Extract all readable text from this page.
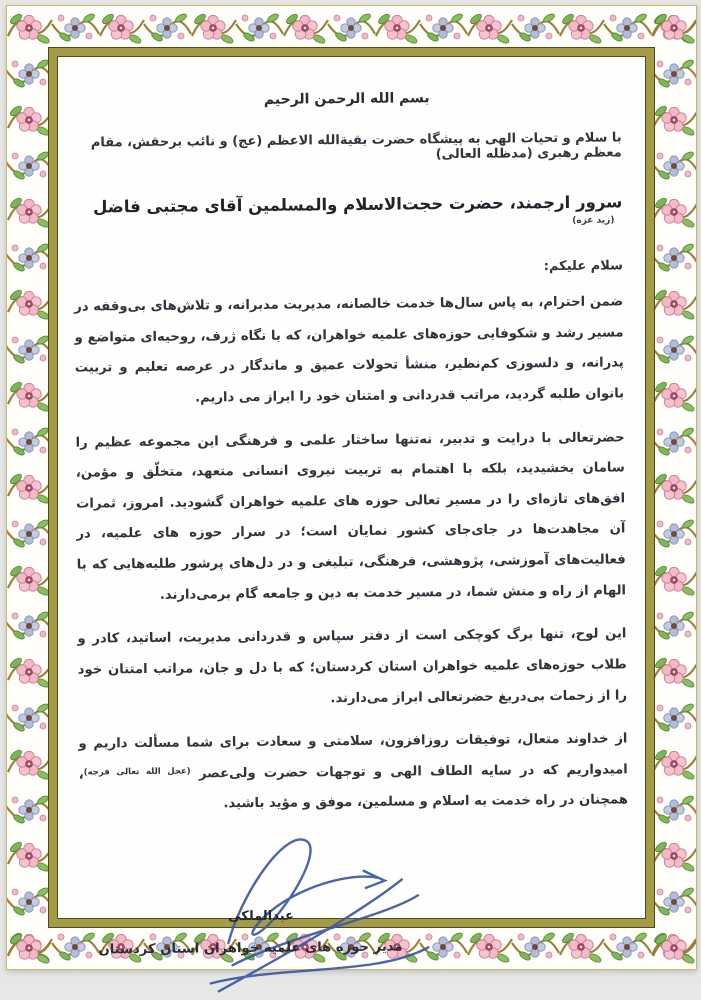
بسم الله الرحمن الرحیم
با سلام و تحیات الهی به پیشگاه حضرت بقیة‌الله الاعظم (عج) و نائب برحقش، مقام معظم رهبری (مدظله العالی)
سرور ارجمند، حضرت حجت‌الاسلام والمسلمین آقای مجتبی فاضل $^{(زید عزه)}$
سلام علیکم:

ضمن احترام، به پاس سال‌ها خدمت خالصانه، مدیریت مدبرانه، و تلاش‌های بی‌وقفه در مسیر رشد و شکوفایی حوزه‌های علمیه خواهران، که با نگاه ژرف، روحیه‌ای متواضع و پدرانه، و دلسوزی کم‌نظیر، منشأ تحولات عمیق و ماندگار در عرصه تعلیم و تربیت بانوان طلبه گردید، مراتب قدردانی و امتنان خود را ابراز می داریم.

حضرتعالی با درایت و تدبیر، نه‌تنها ساختار علمی و فرهنگی این مجموعه عظیم را سامان بخشیدید، بلکه با اهتمام به تربیت نیروی انسانی متعهد، متخلّق و مؤمن، افق‌های تازه‌ای را در مسیر تعالی حوزه های علمیه خواهران گشودید. امروز، ثمرات آن مجاهدت‌ها در جای‌جای کشور نمایان است؛ در سرار حوزه های علمیه، در فعالیت‌های آموزشی، پژوهشی، فرهنگی، تبلیغی و در دل‌های پرشور طلبه‌هایی که با الهام از راه و منش شما، در مسیر خدمت به دین و جامعه گام برمی‌دارند.

این لوح، تنها برگ کوچکی است از دفتر سپاس و قدردانی مدیریت، اساتید، کادر و طلاب حوزه‌های علمیه خواهران استان کردستان؛ که با دل و جان، مراتب امتنان خود را از زحمات بی‌دریغ حضرتعالی ابراز می‌دارند.

از خداوند متعال، توفیقات روزافزون، سلامتی و سعادت برای شما مسألت داریم و امیدواریم که در سایه الطاف الهی و توجهات حضرت ولی‌عصر $^{(عجل الله تعالی فرجه)}$، همچنان در راه خدمت به اسلام و مسلمین، موفق و مؤید باشید.

عبدالملکی
مدیر حوزه های علمیه خواهران استان کردستان
